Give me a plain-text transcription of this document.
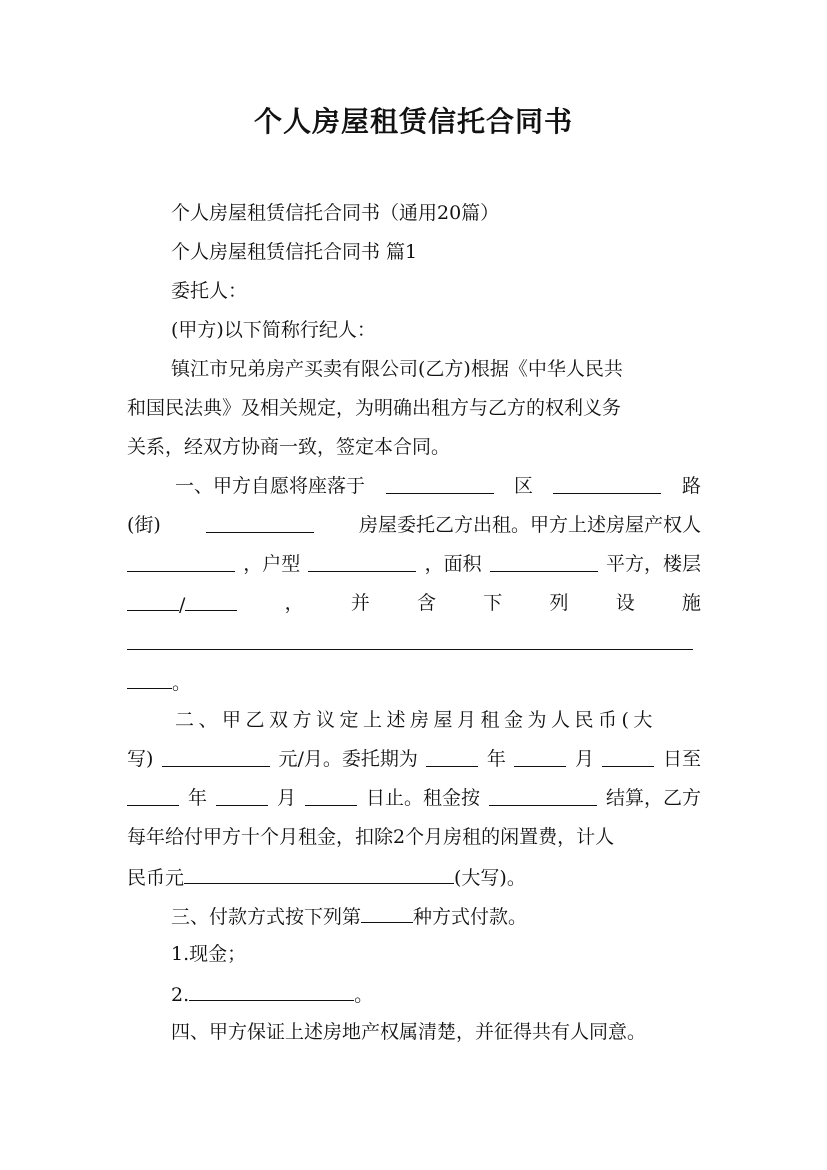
个人房屋租赁信托合同书
个人房屋租赁信托合同书（通用20篇）
个人房屋租赁信托合同书 篇1
委托人：
(甲方)以下简称行纪人：
镇江市兄弟房产买卖有限公司(乙方)根据《中华人民共
和国民法典》及相关规定，为明确出租方与乙方的权利义务
关系，经双方协商一致，签定本合同。
一、甲方自愿将座落于	区	路
(街)	房屋委托乙方出租。甲方上述房屋产权人
，户型	，面积	平方，楼层
/	， 并 含 下 列 设 施
。
二、甲乙双方议定上述房屋月租金为人民币(大
写)	元/月。委托期为	年	月	日至
年	月	日止。租金按	结算，乙方
每年给付甲方十个月租金，扣除2个月房租的闲置费，计人
民币元	(大写)。
三、付款方式按下列第	种方式付款。
1.现金；
2.	。
四、甲方保证上述房地产权属清楚，并征得共有人同意。
